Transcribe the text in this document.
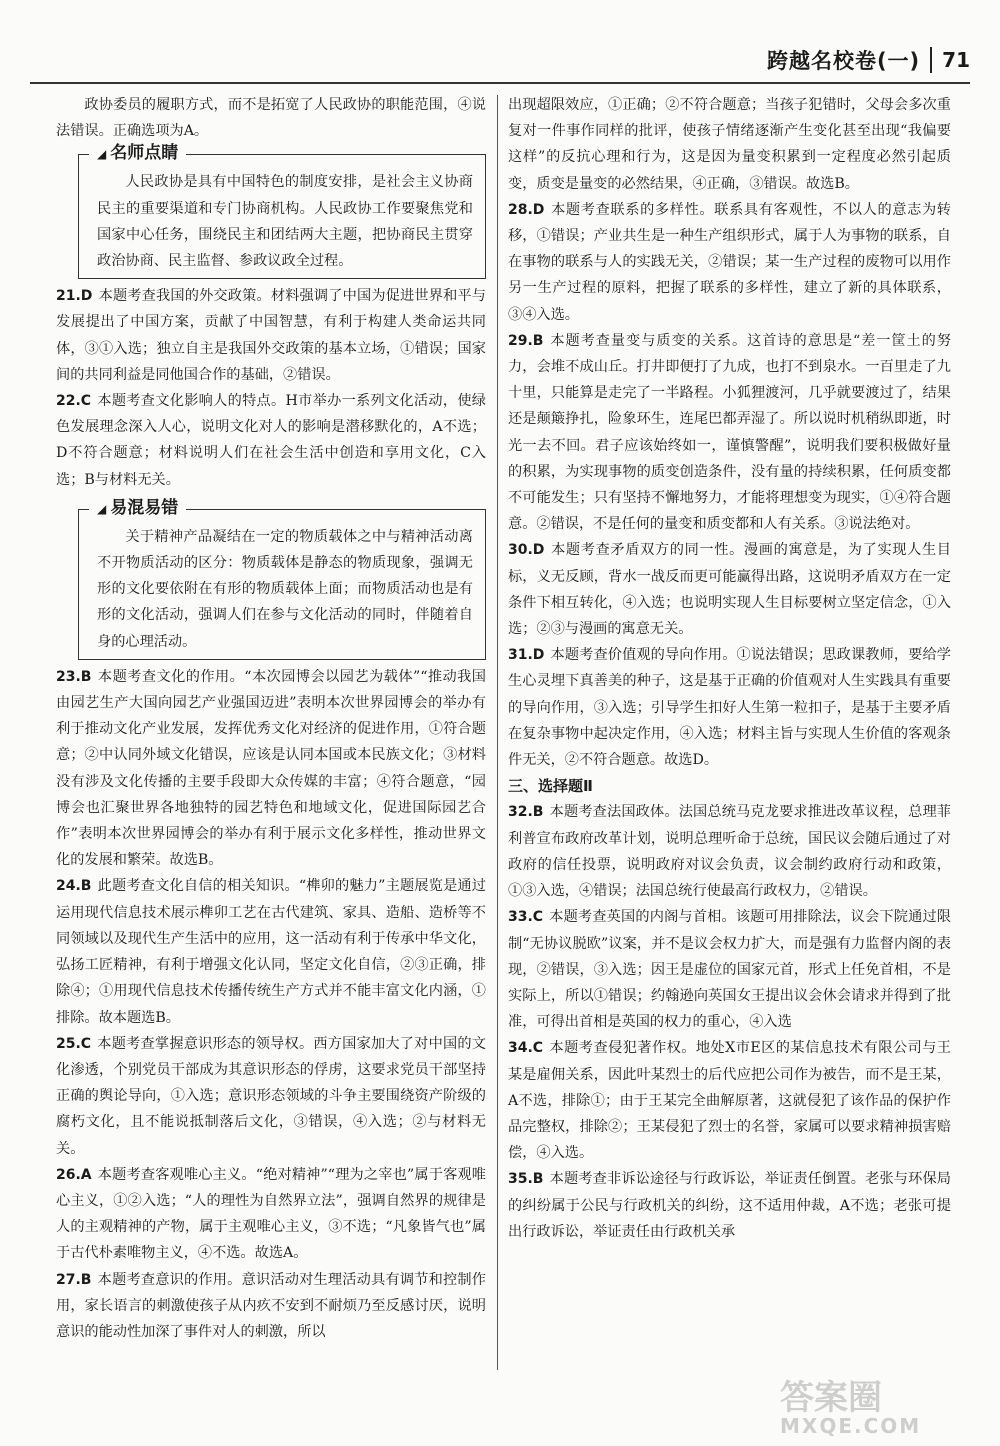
跨越名校卷(一) 71

政协委员的履职方式，而不是拓宽了人民政协的职能范围，④说法错误。正确选项为A。

◢ 名师点睛

人民政协是具有中国特色的制度安排，是社会主义协商民主的重要渠道和专门协商机构。人民政协工作要聚焦党和国家中心任务，围绕民主和团结两大主题，把协商民主贯穿政治协商、民主监督、参政议政全过程。

21.D 本题考查我国的外交政策。材料强调了中国为促进世界和平与发展提出了中国方案，贡献了中国智慧，有利于构建人类命运共同体，③①入选；独立自主是我国外交政策的基本立场，①错误；国家间的共同利益是同他国合作的基础，②错误。

22.C 本题考查文化影响人的特点。H市举办一系列文化活动，使绿色发展理念深入人心，说明文化对人的影响是潜移默化的，A不选；D不符合题意；材料说明人们在社会生活中创造和享用文化，C入选；B与材料无关。

◢ 易混易错

关于精神产品凝结在一定的物质载体之中与精神活动离不开物质活动的区分：物质载体是静态的物质现象，强调无形的文化要依附在有形的物质载体上面；而物质活动也是有形的文化活动，强调人们在参与文化活动的同时，伴随着自身的心理活动。

23.B 本题考查文化的作用。“本次园博会以园艺为载体”“推动我国由园艺生产大国向园艺产业强国迈进”表明本次世界园博会的举办有利于推动文化产业发展，发挥优秀文化对经济的促进作用，①符合题意；②中认同外域文化错误，应该是认同本国或本民族文化；③材料没有涉及文化传播的主要手段即大众传媒的丰富；④符合题意，“园博会也汇聚世界各地独特的园艺特色和地域文化，促进国际园艺合作”表明本次世界园博会的举办有利于展示文化多样性，推动世界文化的发展和繁荣。故选B。

24.B 此题考查文化自信的相关知识。“榫卯的魅力”主题展览是通过运用现代信息技术展示榫卯工艺在古代建筑、家具、造船、造桥等不同领域以及现代生产生活中的应用，这一活动有利于传承中华文化，弘扬工匠精神，有利于增强文化认同，坚定文化自信，②③正确，排除④；①用现代信息技术传播传统生产方式并不能丰富文化内涵，①排除。故本题选B。

25.C 本题考查掌握意识形态的领导权。西方国家加大了对中国的文化渗透，个别党员干部成为其意识形态的俘虏，这要求党员干部坚持正确的舆论导向，①入选；意识形态领域的斗争主要围绕资产阶级的腐朽文化，且不能说抵制落后文化，③错误，④入选；②与材料无关。

26.A 本题考查客观唯心主义。“绝对精神”“理为之宰也”属于客观唯心主义，①②入选；“人的理性为自然界立法”，强调自然界的规律是人的主观精神的产物，属于主观唯心主义，③不选；“凡象皆气也”属于古代朴素唯物主义，④不选。故选A。

27.B 本题考查意识的作用。意识活动对生理活动具有调节和控制作用，家长语言的刺激使孩子从内疚不安到不耐烦乃至反感讨厌，说明意识的能动性加深了事件对人的刺激，所以

出现超限效应，①正确；②不符合题意；当孩子犯错时，父母会多次重复对一件事作同样的批评，使孩子情绪逐渐产生变化甚至出现“我偏要这样”的反抗心理和行为，这是因为量变积累到一定程度必然引起质变，质变是量变的必然结果，④正确，③错误。故选B。

28.D 本题考查联系的多样性。联系具有客观性，不以人的意志为转移，①错误；产业共生是一种生产组织形式，属于人为事物的联系，自在事物的联系与人的实践无关，②错误；某一生产过程的废物可以用作另一生产过程的原料，把握了联系的多样性，建立了新的具体联系，③④入选。

29.B 本题考查量变与质变的关系。这首诗的意思是“差一筐土的努力，会堆不成山丘。打井即便打了九成，也打不到泉水。一百里走了九十里，只能算是走完了一半路程。小狐狸渡河，几乎就要渡过了，结果还是颠簸挣扎，险象环生，连尾巴都弄湿了。所以说时机稍纵即逝，时光一去不回。君子应该始终如一，谨慎警醒”，说明我们要积极做好量的积累，为实现事物的质变创造条件，没有量的持续积累，任何质变都不可能发生；只有坚持不懈地努力，才能将理想变为现实，①④符合题意。②错误，不是任何的量变和质变都和人有关系。③说法绝对。

30.D 本题考查矛盾双方的同一性。漫画的寓意是，为了实现人生目标，义无反顾，背水一战反而更可能赢得出路，这说明矛盾双方在一定条件下相互转化，④入选；也说明实现人生目标要树立坚定信念，①入选；②③与漫画的寓意无关。

31.D 本题考查价值观的导向作用。①说法错误；思政课教师，要给学生心灵埋下真善美的种子，这是基于正确的价值观对人生实践具有重要的导向作用，③入选；引导学生扣好人生第一粒扣子，是基于主要矛盾在复杂事物中起决定作用，④入选；材料主旨与实现人生价值的客观条件无关，②不符合题意。故选D。

三、选择题Ⅱ

32.B 本题考查法国政体。法国总统马克龙要求推进改革议程，总理菲利普宣布政府改革计划，说明总理听命于总统，国民议会随后通过了对政府的信任投票，说明政府对议会负责，议会制约政府行动和政策，①③入选，④错误；法国总统行使最高行政权力，②错误。

33.C 本题考查英国的内阁与首相。该题可用排除法，议会下院通过限制“无协议脱欧”议案，并不是议会权力扩大，而是强有力监督内阁的表现，②错误，③入选；因王是虚位的国家元首，形式上任免首相，不是实际上，所以①错误；约翰逊向英国女王提出议会休会请求并得到了批准，可得出首相是英国的权力的重心，④入选

34.C 本题考查侵犯著作权。地处X市E区的某信息技术有限公司与王某是雇佣关系，因此叶某烈士的后代应把公司作为被告，而不是王某，A不选，排除①；由于王某完全曲解原著，这就侵犯了该作品的保护作品完整权，排除②；王某侵犯了烈士的名誉，家属可以要求精神损害赔偿，④入选。

35.B 本题考查非诉讼途径与行政诉讼，举证责任倒置。老张与环保局的纠纷属于公民与行政机关的纠纷，这不适用仲裁，A不选；老张可提出行政诉讼，举证责任由行政机关承

答案圈
MXQE.COM
